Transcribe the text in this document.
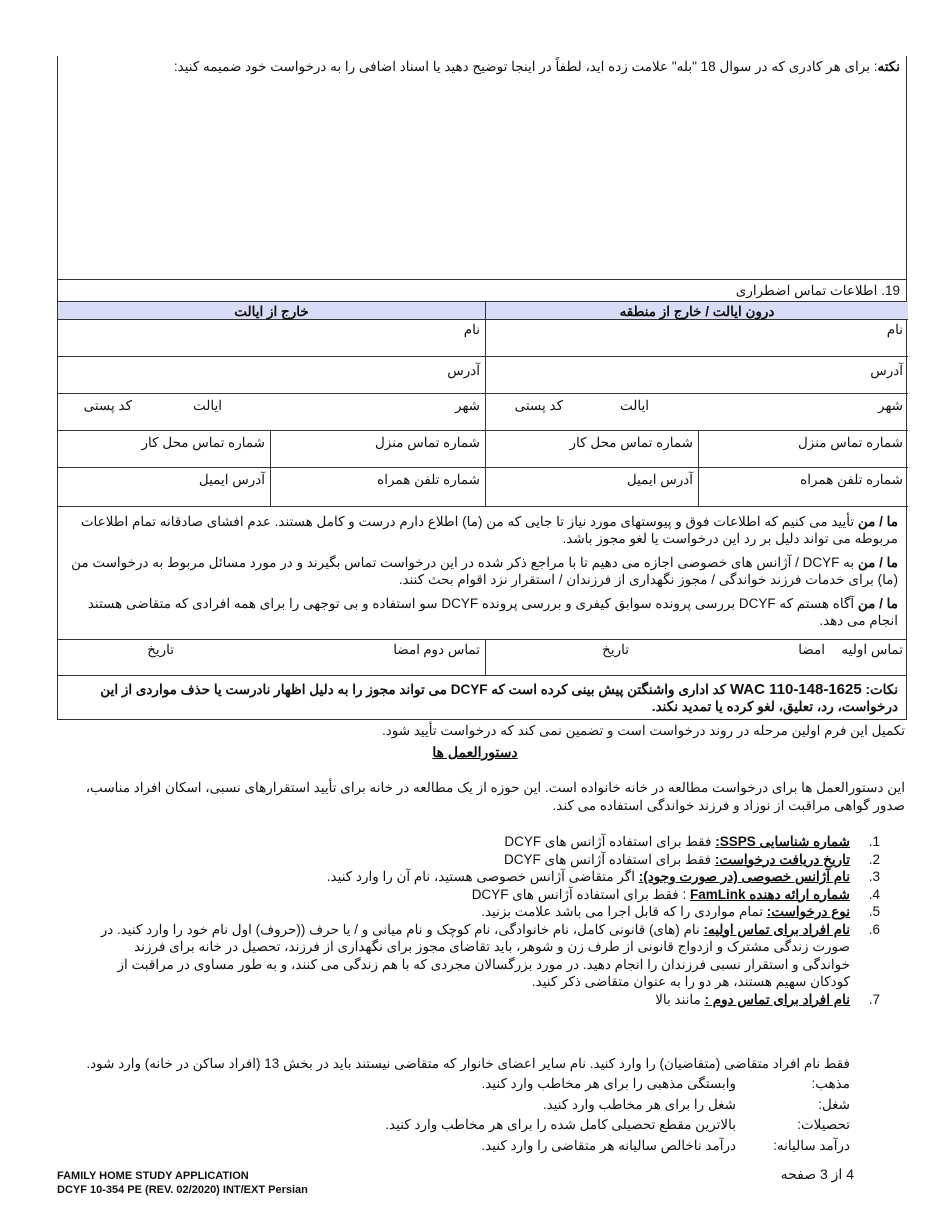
نکته: برای هر کادری که در سوال 18 "بله" علامت زده اید، لطفاً در اینجا توضیح دهید یا اسناد اضافی را به درخواست خود ضمیمه کنید:
19. اطلاعات تماس اضطراری
درون ایالت / خارج از منطقه
خارج از ایالت
نام
نام
آدرس
آدرس
شهر
ایالت
کد پستی
شهر
ایالت
کد پستی
شماره تماس منزل
شماره تماس محل کار
شماره تماس منزل
شماره تماس محل کار
شماره تلفن همراه
آدرس ایمیل
شماره تلفن همراه
آدرس ایمیل

ما / من تأیید می کنیم که اطلاعات فوق و پیوستهای مورد نیاز تا جایی که من (ما) اطلاع دارم درست و کامل هستند. عدم افشای صادقانه تمام اطلاعات مربوطه می تواند دلیل بر رد این درخواست یا لغو مجوز باشد.

ما / من به DCYF / آژانس های خصوصی اجازه می دهیم تا با مراجع ذکر شده در این درخواست تماس بگیرند و در مورد مسائل مربوط به درخواست من (ما) برای خدمات فرزند خواندگی / مجوز نگهداری از فرزندان / استقرار نزد اقوام بحث کنند.

ما / من آگاه هستم که DCYF بررسی پرونده سوابق کیفری و بررسی پرونده DCYF سو استفاده و بی توجهی را برای همه افرادی که متقاضی هستند انجام می دهد.

تماس اولیه
امضا
تاریخ
تماس دوم
امضا
تاریخ
نکات: WAC 110-148-1625 کد اداری واشنگتن پیش بینی کرده است که DCYF می تواند مجوز را به دلیل اظهار نادرست یا حذف مواردی از این درخواست، رد، تعلیق، لغو کرده یا تمدید نکند.
تکمیل این فرم اولین مرحله در روند درخواست است و تضمین نمی کند که درخواست تأیید شود.
دستورالعمل ها
این دستورالعمل ها برای درخواست مطالعه در خانه خانواده است. این حوزه از یک مطالعه در خانه برای تأیید استقرارهای نسبی، اسکان افراد مناسب، صدور گواهی مراقبت از نوزاد و فرزند خواندگی استفاده می کند.
1.
شماره شناسایی SSPS: فقط برای استفاده آژانس های DCYF
2.
تاریخ دریافت درخواست: فقط برای استفاده آژانس های DCYF
3.
نام آژانس خصوصی (در صورت وجود): اگر متقاضی آژانس خصوصی هستید، نام آن را وارد کنید.
4.
شماره ارائه دهنده FamLink : فقط برای استفاده آژانس های DCYF
5.
نوع درخواست: تمام مواردی را که قابل اجرا می باشد علامت بزنید.
6.
نام افراد برای تماس اولیه: نام (های) قانونی کامل، نام خانوادگی، نام کوچک و نام میانی و / یا حرف ((حروف) اول نام خود را وارد کنید. در صورت زندگی مشترک و ازدواج قانونی از طرف زن و شوهر، باید تقاضای مجوز برای نگهداری از فرزند، تحصیل در خانه برای فرزند خواندگی و استقرار نسبی فرزندان را انجام دهید. در مورد بزرگسالان مجردی که با هم زندگی می کنند، و به طور مساوی در مراقبت از کودکان سهیم هستند، هر دو را به عنوان متقاضی ذکر کنید.
7.
نام افراد برای تماس دوم : مانند بالا
فقط نام افراد متقاضی (متقاضیان) را وارد کنید. نام سایر اعضای خانوار که متقاضی نیستند باید در بخش 13 (افراد ساکن در خانه) وارد شود.
مذهب:
وابستگی مذهبی را برای هر مخاطب وارد کنید.
شغل:
شغل را برای هر مخاطب وارد کنید.
تحصیلات:
بالاترین مقطع تحصیلی کامل شده را برای هر مخاطب وارد کنید.
درآمد سالیانه:
درآمد ناخالص سالیانه هر متقاضی را وارد کنید.
FAMILY HOME STUDY APPLICATION
DCYF 10-354 PE (REV. 02/2020) INT/EXT Persian
4 از 3 صفحه
